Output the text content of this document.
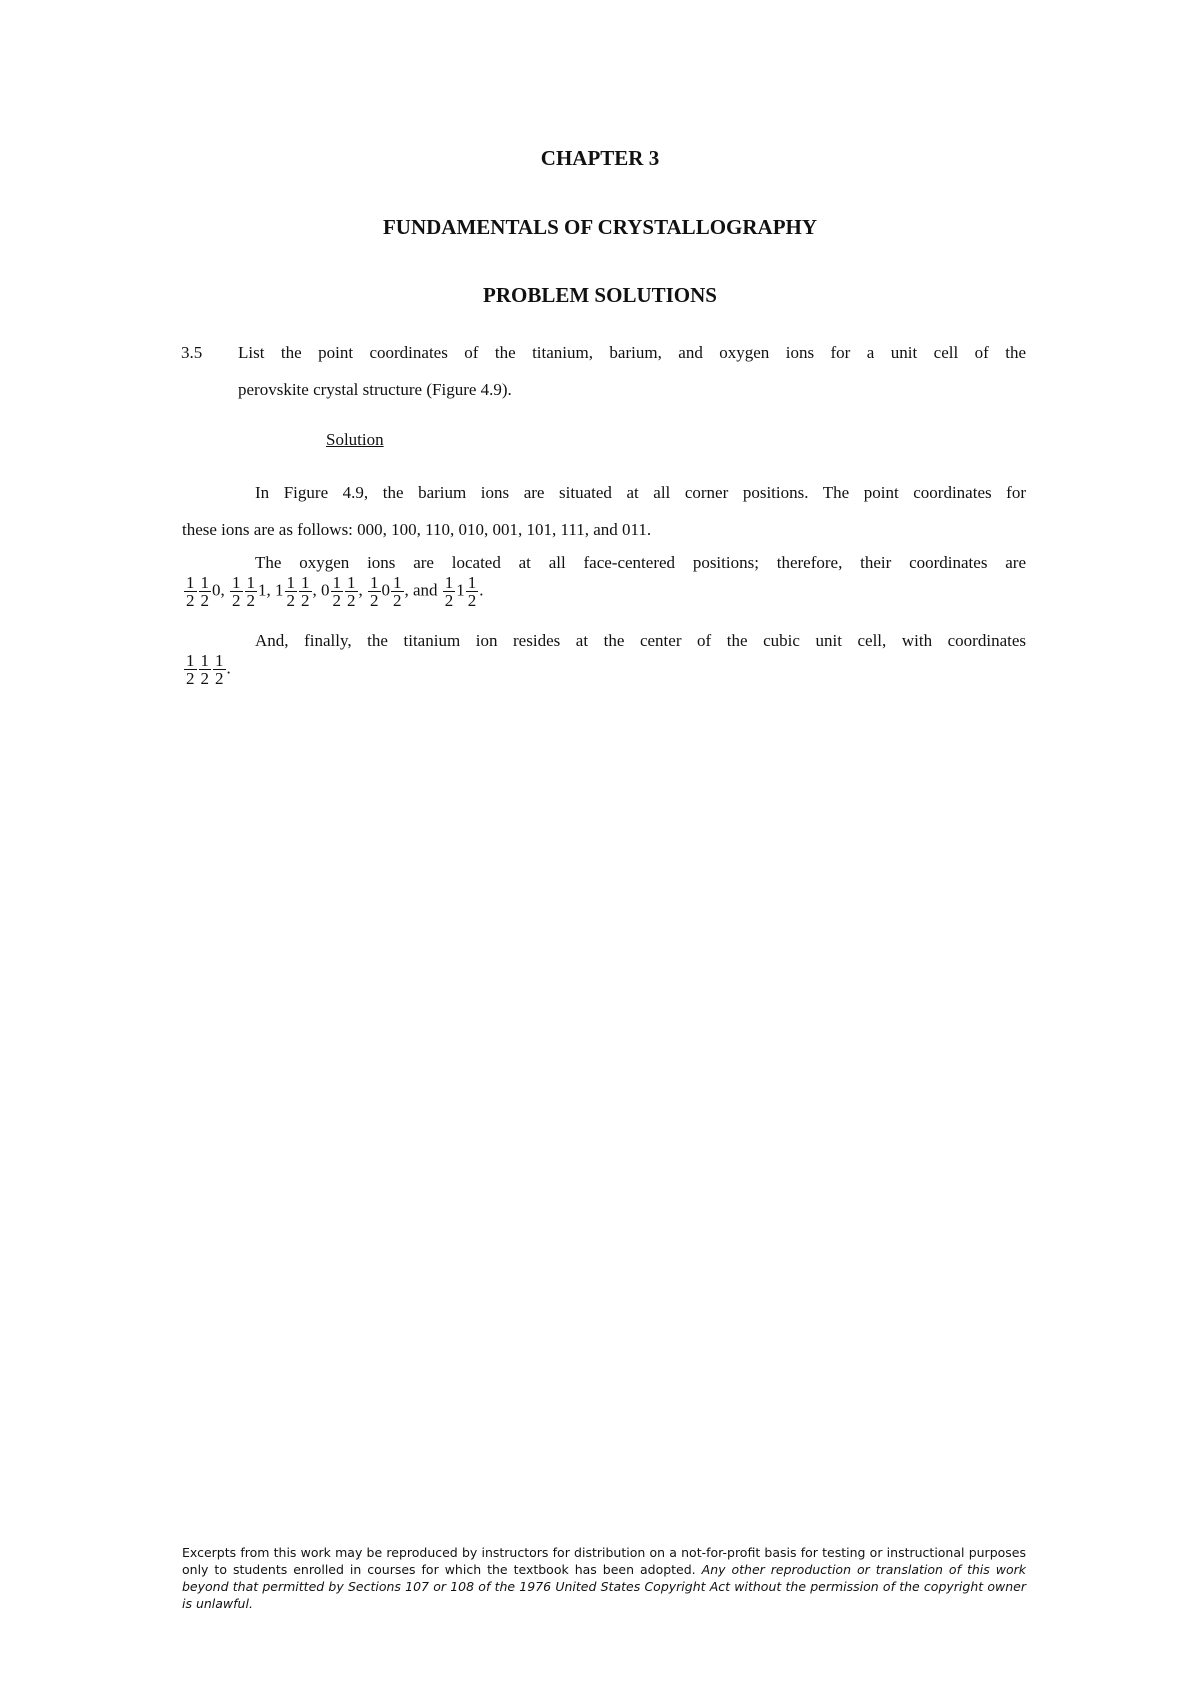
CHAPTER 3
FUNDAMENTALS OF CRYSTALLOGRAPHY
PROBLEM SOLUTIONS
3.5 List the point coordinates of the titanium, barium, and oxygen ions for a unit cell of the
perovskite crystal structure (Figure 4.9).
Solution
In Figure 4.9, the barium ions are situated at all corner positions. The point coordinates for
these ions are as follows: 000, 100, 110, 010, 001, 101, 111, and 011.
The oxygen ions are located at all face-centered positions; therefore, their coordinates are
$\frac{1}{2} \frac{1}{2} 0$, $\frac{1}{2} \frac{1}{2} 1$, $1 \frac{1}{2} \frac{1}{2}$ , $0 \frac{1}{2} \frac{1}{2}$ , $\frac{1}{2} 0 \frac{1}{2}$ , and $\frac{1}{2} 1 \frac{1}{2}$ .
And, finally, the titanium ion resides at the center of the cubic unit cell, with coordinates
$\frac{1}{2} \frac{1}{2} \frac{1}{2}$ .
Excerpts from this work may be reproduced by instructors for distribution on a not-for-profit basis for testing or instructional purposes only to students enrolled in courses for which the textbook has been adopted. Any other reproduction or translation of this work beyond that permitted by Sections 107 or 108 of the 1976 United States Copyright Act without the permission of the copyright owner is unlawful.
